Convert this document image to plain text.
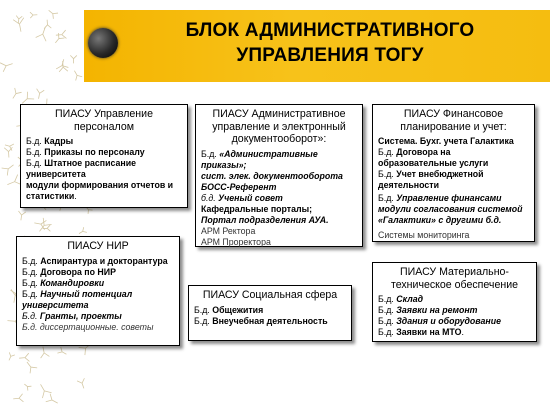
БЛОК АДМИНИСТРАТИВНОГО
УПРАВЛЕНИЯ ТОГУ
ПИАСУ Управление персоналом
Б.д. Кадры
Б.д. Приказы по персоналу
Б.д. Штатное расписание университета
модули формирования отчетов и статистики.
ПИАСУ Административное управление и электронный документооборот»:
Б.д. «Административные приказы»;
сист. элек. документооборота БОСС-Референт
б.д. Ученый совет
Кафедральные порталы;
Портал подразделения АУА.
АРМ Ректора
АРМ Проректора
ПИАСУ Финансовое планирование и учет:
Система. Бухг. учета Галактика
Б.д. Договора на образовательные услуги
Б.д. Учет внебюджетной деятельности
Б.д. Управление финансами модули согласования системой «Галактики» с другими б.д.
Системы мониторинга
ПИАСУ НИР
Б.д. Аспирантура и докторантура
Б.д. Договора по НИР
Б.д. Командировки
Б.д. Научный потенциал университета
Б.д. Гранты, проекты
Б.д. диссертационные. советы
ПИАСУ Социальная сфера
Б.д. Общежития
Б.д. Внеучебная деятельность
ПИАСУ Материально-техническое обеспечение
Б.д. Склад
Б.д. Заявки на ремонт
Б.д. Здания и оборудование
Б.д. Заявки на МТО.
